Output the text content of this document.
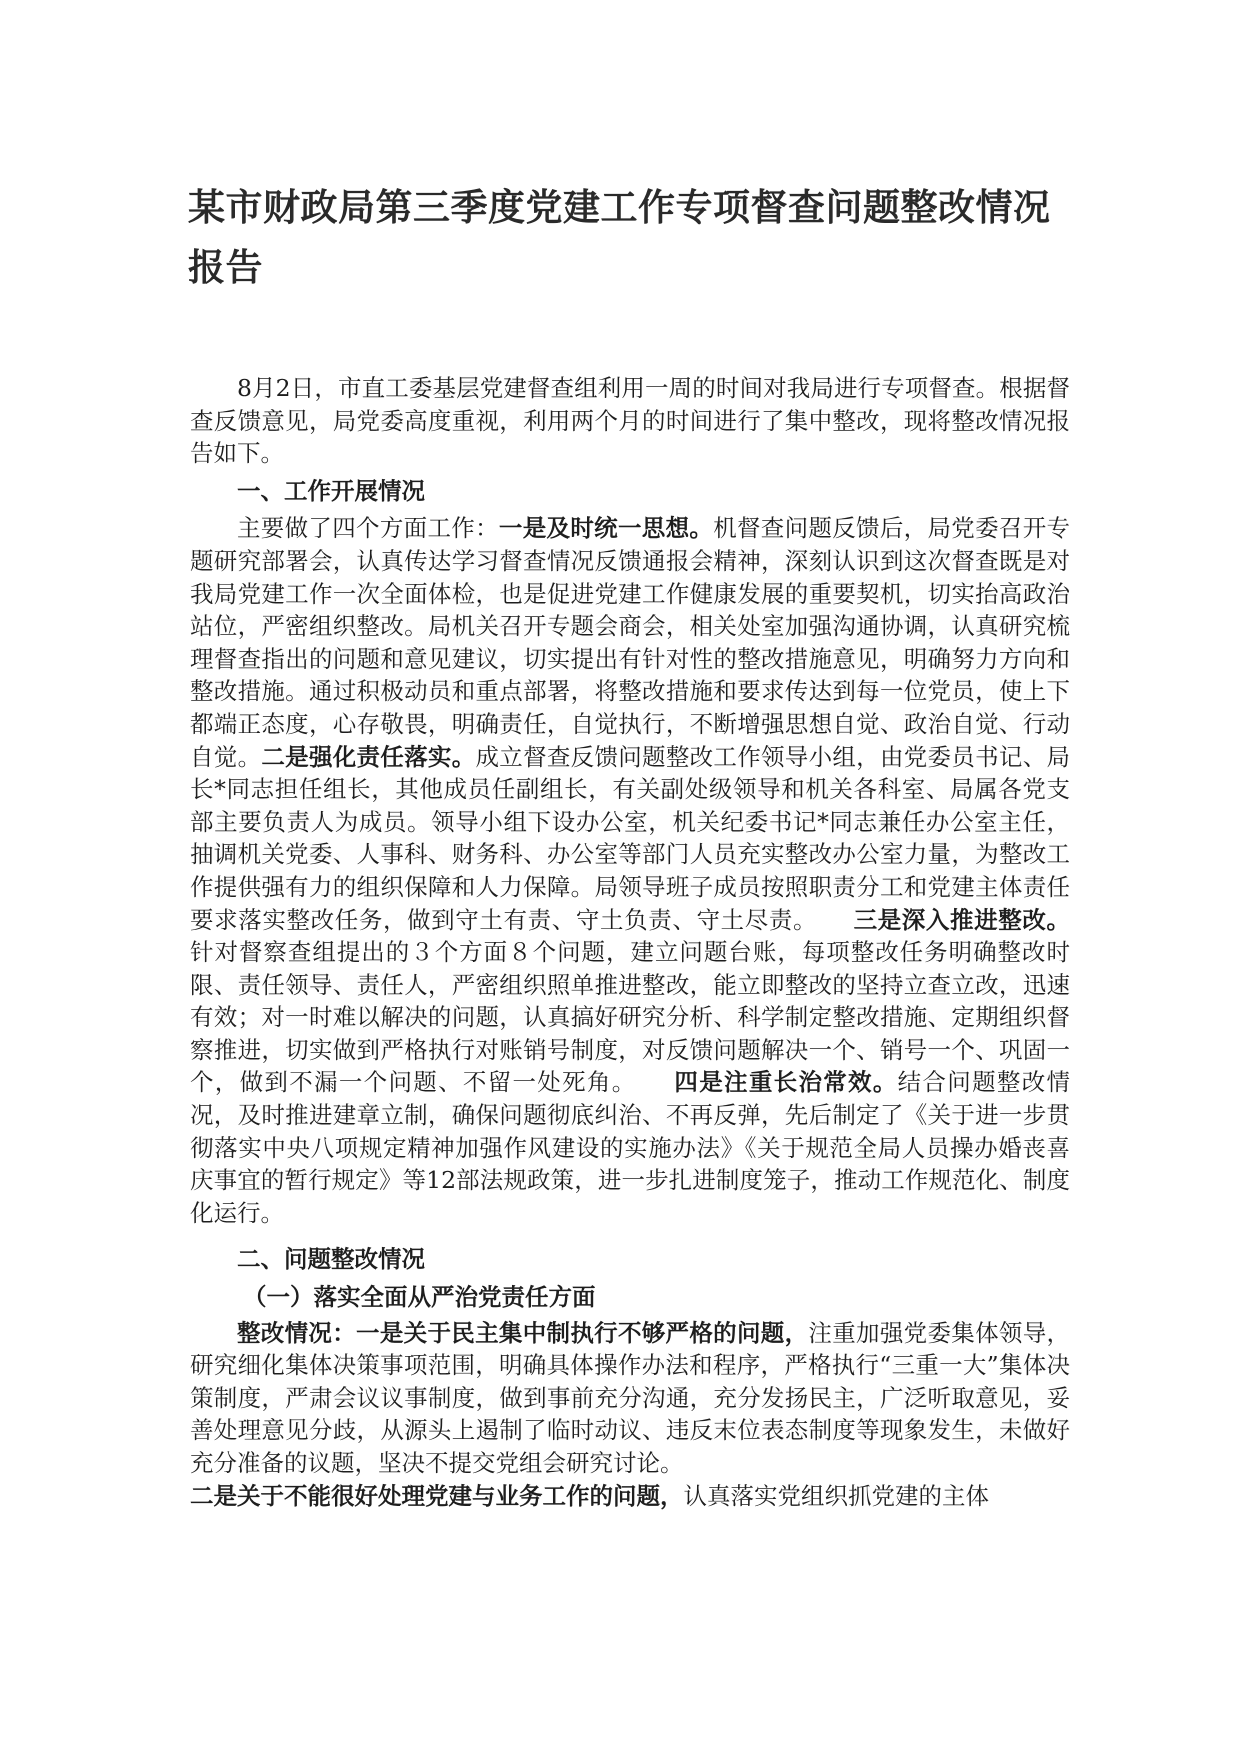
某市财政局第三季度党建工作专项督查问题整改情况报告

8月2日，市直工委基层党建督查组利用一周的时间对我局进行专项督查。根据督查反馈意见，局党委高度重视，利用两个月的时间进行了集中整改，现将整改情况报告如下。

一、工作开展情况

主要做了四个方面工作：一是及时统一思想。机督查问题反馈后，局党委召开专题研究部署会，认真传达学习督查情况反馈通报会精神，深刻认识到这次督查既是对我局党建工作一次全面体检，也是促进党建工作健康发展的重要契机，切实抬高政治站位，严密组织整改。局机关召开专题会商会，相关处室加强沟通协调，认真研究梳理督查指出的问题和意见建议，切实提出有针对性的整改措施意见，明确努力方向和整改措施。通过积极动员和重点部署，将整改措施和要求传达到每一位党员，使上下都端正态度，心存敬畏，明确责任，自觉执行，不断增强思想自觉、政治自觉、行动自觉。二是强化责任落实。成立督查反馈问题整改工作领导小组，由党委员书记、局长*同志担任组长，其他成员任副组长，有关副处级领导和机关各科室、局属各党支部主要负责人为成员。领导小组下设办公室，机关纪委书记*同志兼任办公室主任，抽调机关党委、人事科、财务科、办公室等部门人员充实整改办公室力量，为整改工作提供强有力的组织保障和人力保障。局领导班子成员按照职责分工和党建主体责任要求落实整改任务，做到守土有责、守土负责、守土尽责。　　三是深入推进整改。针对督察查组提出的３个方面８个问题，建立问题台账，每项整改任务明确整改时限、责任领导、责任人，严密组织照单推进整改，能立即整改的坚持立查立改，迅速有效；对一时难以解决的问题，认真搞好研究分析、科学制定整改措施、定期组织督察推进，切实做到严格执行对账销号制度，对反馈问题解决一个、销号一个、巩固一个，做到不漏一个问题、不留一处死角。　　四是注重长治常效。结合问题整改情况，及时推进建章立制，确保问题彻底纠治、不再反弹，先后制定了《关于进一步贯彻落实中央八项规定精神加强作风建设的实施办法》《关于规范全局人员操办婚丧喜庆事宜的暂行规定》等12部法规政策，进一步扎进制度笼子，推动工作规范化、制度化运行。

二、问题整改情况
（一）落实全面从严治党责任方面

整改情况：一是关于民主集中制执行不够严格的问题，注重加强党委集体领导，研究细化集体决策事项范围，明确具体操作办法和程序，严格执行“三重一大”集体决策制度，严肃会议议事制度，做到事前充分沟通，充分发扬民主，广泛听取意见，妥善处理意见分歧，从源头上遏制了临时动议、违反末位表态制度等现象发生，未做好充分准备的议题，坚决不提交党组会研究讨论。

二是关于不能很好处理党建与业务工作的问题，认真落实党组织抓党建的主体
